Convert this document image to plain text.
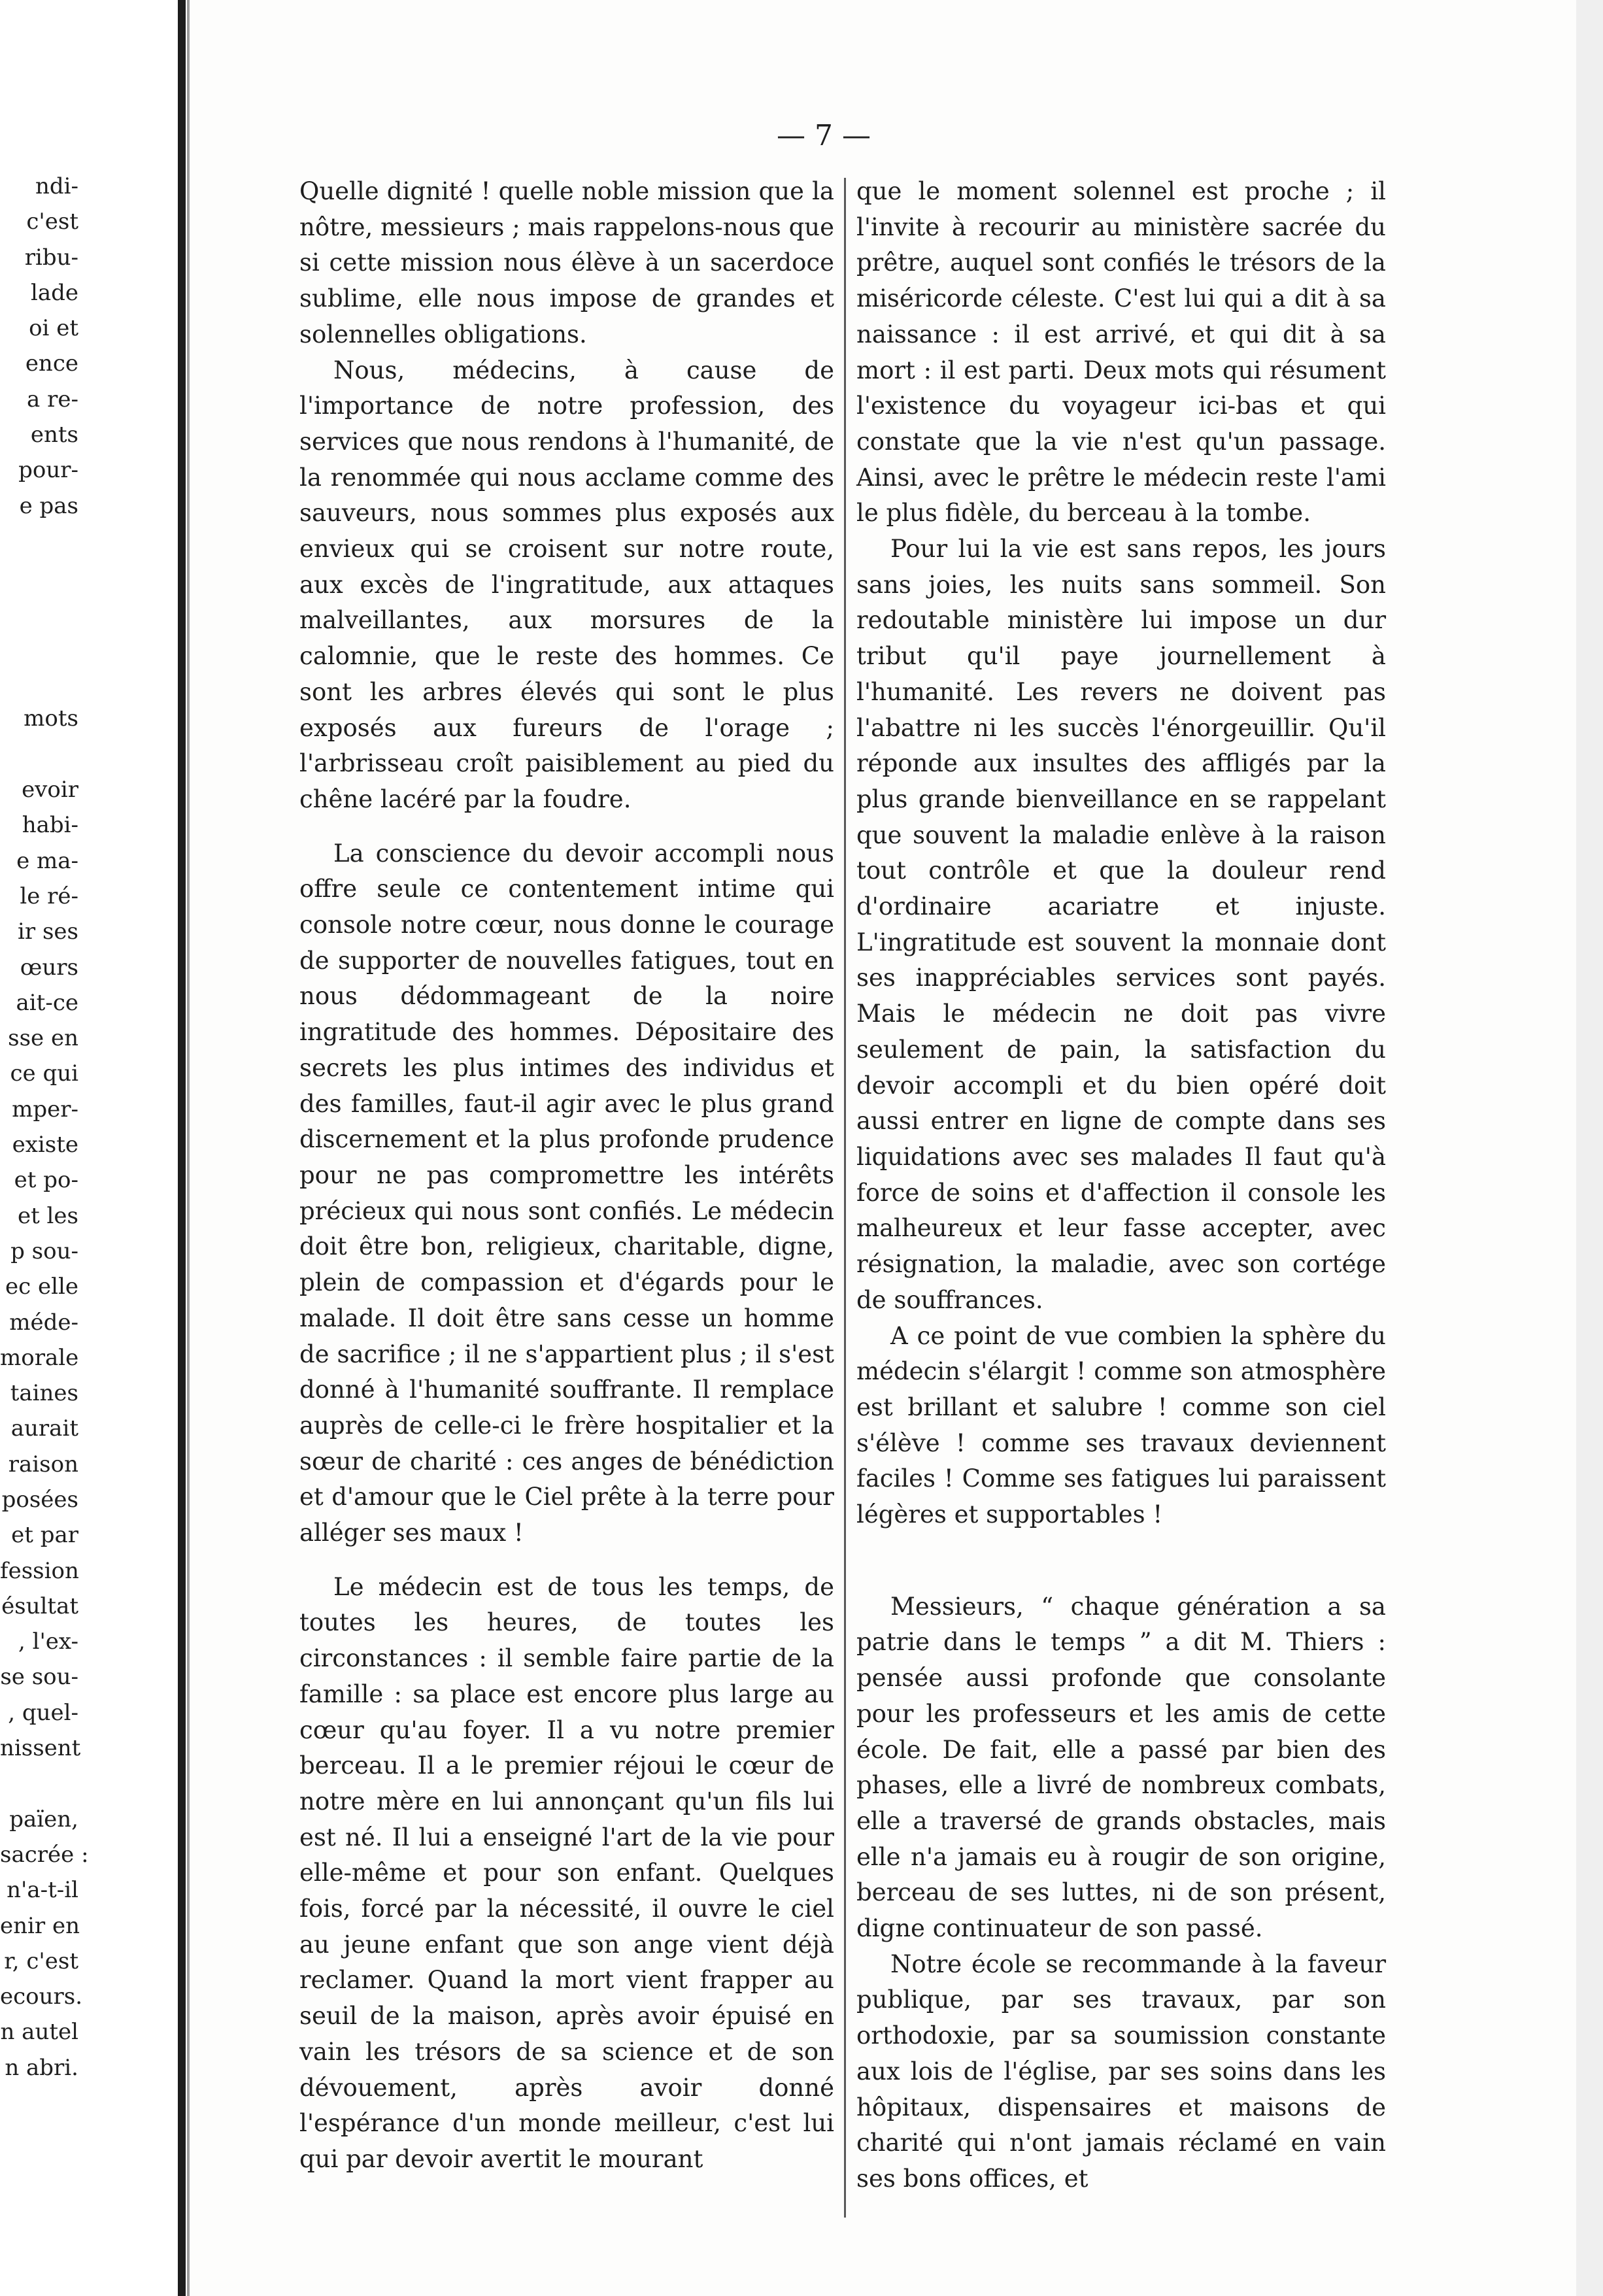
ndi-
c'est
ribu-
lade
oi et
ence
a re-
ents
pour-
e pas
mots
evoir
habi-
e ma-
le ré-
ir ses
œurs
ait-ce
sse en
ce qui
mper-
existe
et po-
et les
p sou-
ec elle
méde-
morale
taines
aurait
raison
posées
et par
fession
ésultat
, l'ex-
se sou-
, quel-
nissent
païen,
sacrée :
n'a-t-il
enir en
r, c'est
ecours.
n autel
n abri.
— 7 —

Quelle dignité ! quelle noble mission que la nôtre, messieurs ; mais rappelons-nous que si cette mission nous élève à un sacerdoce sublime, elle nous impose de grandes et solennelles obligations.

Nous, médecins, à cause de l'importance de notre profession, des services que nous rendons à l'humanité, de la renommée qui nous acclame comme des sauveurs, nous sommes plus exposés aux envieux qui se croisent sur notre route, aux excès de l'ingratitude, aux attaques malveillantes, aux morsures de la calomnie, que le reste des hommes. Ce sont les arbres élevés qui sont le plus exposés aux fureurs de l'orage ; l'arbrisseau croît paisiblement au pied du chêne lacéré par la foudre.

La conscience du devoir accompli nous offre seule ce contentement intime qui console notre cœur, nous donne le courage de supporter de nouvelles fatigues, tout en nous dédommageant de la noire ingratitude des hommes. Dépositaire des secrets les plus intimes des individus et des familles, faut-il agir avec le plus grand discernement et la plus profonde prudence pour ne pas compromettre les intérêts précieux qui nous sont confiés. Le médecin doit être bon, religieux, charitable, digne, plein de compassion et d'égards pour le malade. Il doit être sans cesse un homme de sacrifice ; il ne s'appartient plus ; il s'est donné à l'humanité souffrante. Il remplace auprès de celle-ci le frère hospitalier et la sœur de charité : ces anges de bénédiction et d'amour que le Ciel prête à la terre pour alléger ses maux !

Le médecin est de tous les temps, de toutes les heures, de toutes les circonstances : il semble faire partie de la famille : sa place est encore plus large au cœur qu'au foyer. Il a vu notre premier berceau. Il a le premier réjoui le cœur de notre mère en lui annonçant qu'un fils lui est né. Il lui a enseigné l'art de la vie pour elle-même et pour son enfant. Quelques fois, forcé par la nécessité, il ouvre le ciel au jeune enfant que son ange vient déjà reclamer. Quand la mort vient frapper au seuil de la maison, après avoir épuisé en vain les trésors de sa science et de son dévouement, après avoir donné l'espérance d'un monde meilleur, c'est lui qui par devoir avertit le mourant

que le moment solennel est proche ; il l'invite à recourir au ministère sacrée du prêtre, auquel sont confiés le trésors de la miséricorde céleste. C'est lui qui a dit à sa naissance : il est arrivé, et qui dit à sa mort : il est parti. Deux mots qui résument l'existence du voyageur ici-bas et qui constate que la vie n'est qu'un passage. Ainsi, avec le prêtre le médecin reste l'ami le plus fidèle, du berceau à la tombe.

Pour lui la vie est sans repos, les jours sans joies, les nuits sans sommeil. Son redoutable ministère lui impose un dur tribut qu'il paye journellement à l'humanité. Les revers ne doivent pas l'abattre ni les succès l'énorgeuillir. Qu'il réponde aux insultes des affligés par la plus grande bienveillance en se rappelant que souvent la maladie enlève à la raison tout contrôle et que la douleur rend d'ordinaire acariatre et injuste. L'ingratitude est souvent la monnaie dont ses inappréciables services sont payés. Mais le médecin ne doit pas vivre seulement de pain, la satisfaction du devoir accompli et du bien opéré doit aussi entrer en ligne de compte dans ses liquidations avec ses malades Il faut qu'à force de soins et d'affection il console les malheureux et leur fasse accepter, avec résignation, la maladie, avec son cortége de souffrances.

A ce point de vue combien la sphère du médecin s'élargit ! comme son atmosphère est brillant et salubre ! comme son ciel s'élève ! comme ses travaux deviennent faciles ! Comme ses fatigues lui paraissent légères et supportables !

Messieurs, “ chaque génération a sa patrie dans le temps ” a dit M. Thiers : pensée aussi profonde que consolante pour les professeurs et les amis de cette école. De fait, elle a passé par bien des phases, elle a livré de nombreux combats, elle a traversé de grands obstacles, mais elle n'a jamais eu à rougir de son origine, berceau de ses luttes, ni de son présent, digne continuateur de son passé.

Notre école se recommande à la faveur publique, par ses travaux, par son orthodoxie, par sa soumission constante aux lois de l'église, par ses soins dans les hôpitaux, dispensaires et maisons de charité qui n'ont jamais réclamé en vain ses bons offices, et
